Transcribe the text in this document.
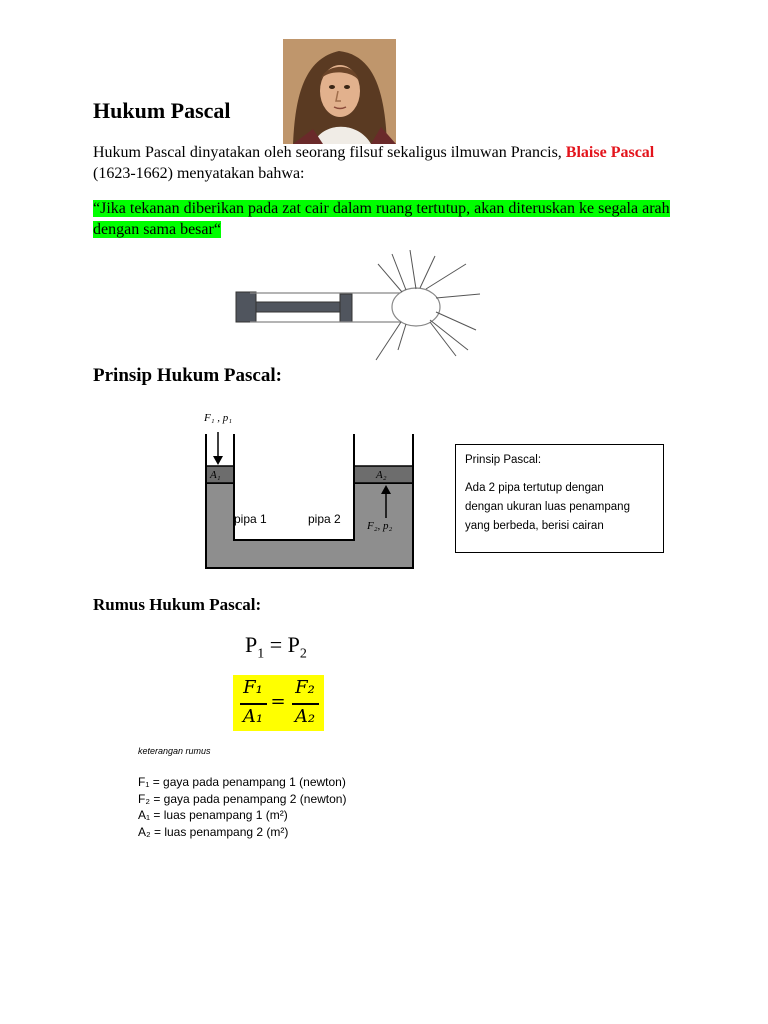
Hukum Pascal
Hukum Pascal dinyatakan oleh seorang filsuf sekaligus ilmuwan Prancis, Blaise Pascal (1623-1662) menyatakan bahwa:
“Jika tekanan diberikan pada zat cair dalam ruang tertutup, akan diteruskan ke segala arah dengan sama besar“
Prinsip Hukum Pascal:
F₁ , p₁
A₁	A₂
pipa 1	pipa 2 F₂, p₂
Prinsip Pascal:
Ada 2 pipa tertutup dengan
dengan ukuran luas penampang
yang berbeda, berisi cairan
Rumus Hukum Pascal:
$P_1 = P_2$
F₁
A₁
=
F₂
A₂
keterangan rumus
F₁ = gaya pada penampang 1 (newton)
F₂ = gaya pada penampang 2 (newton)
A₁ = luas penampang 1 (m²)
A₂ = luas penampang 2 (m²)
